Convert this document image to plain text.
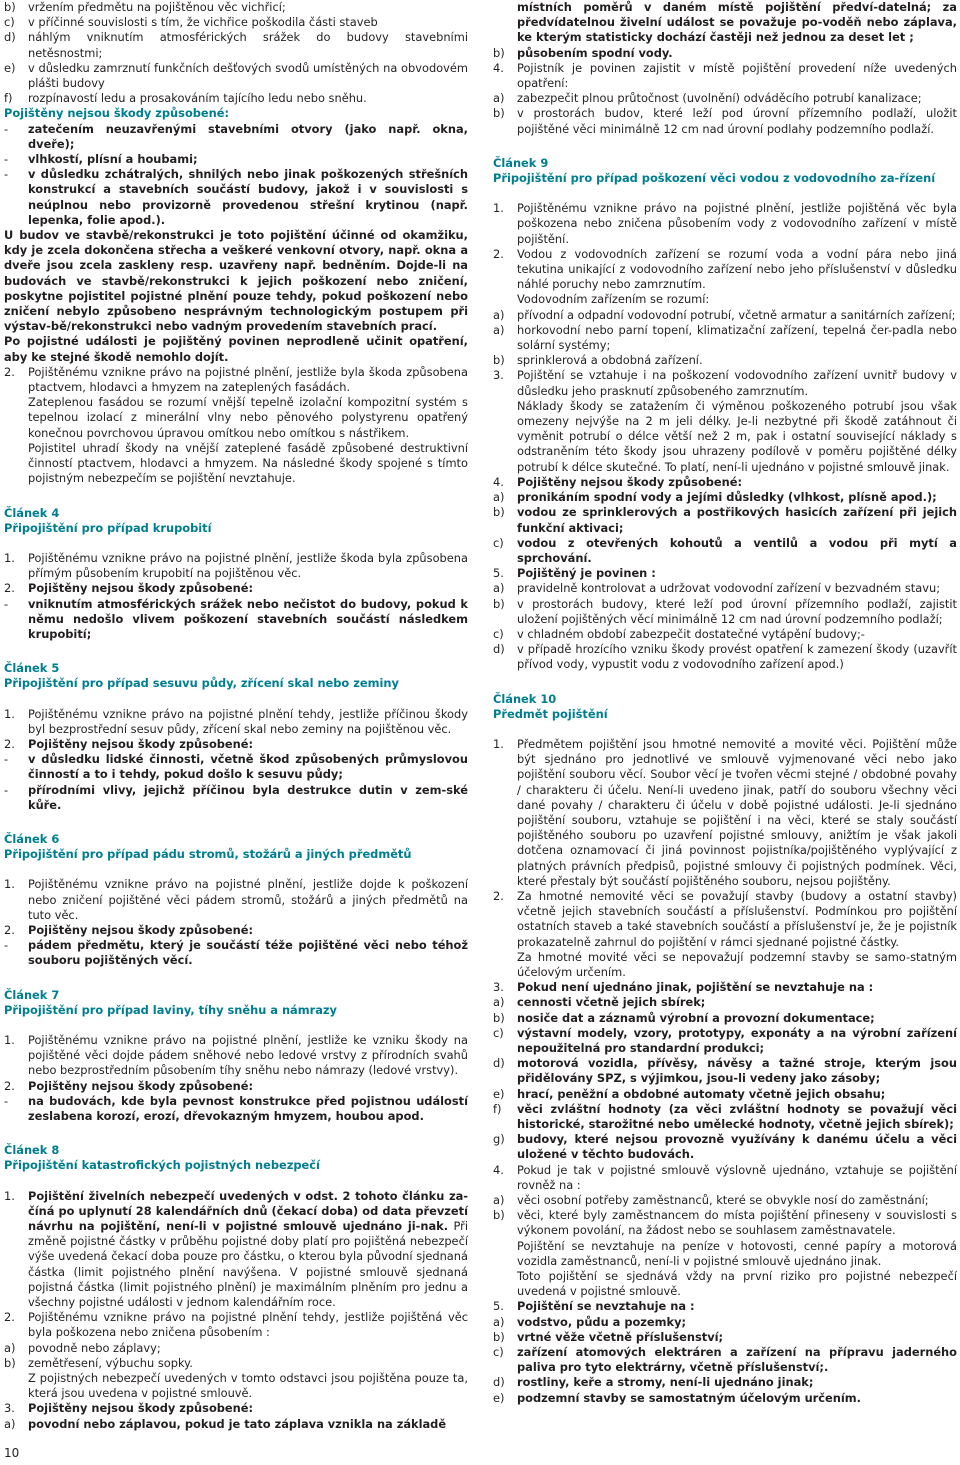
b) vržením předmětu na pojištěnou věc vichřicí;
c) v příčinné souvislosti s tím, že vichřice poškodila části staveb
d) náhlým vniknutím atmosférických srážek do budovy stavebními netěsnostmi;
e) v důsledku zamrznutí funkčních dešťových svodů umístěných na obvodovém plášti budovy
f) rozpínavostí ledu a prosakováním tajícího ledu nebo sněhu.
Pojištěny nejsou škody způsobené:
- zatečením neuzavřenými stavebními otvory (jako např. okna, dveře);
- vlhkostí, plísní a houbami;
- v důsledku zchátralých, shnilých nebo jinak poškozených střešních konstrukcí a stavebních součástí budovy, jakož i v souvislosti s neúplnou nebo provizorně provedenou střešní krytinou (např. lepenka, folie apod.).
U budov ve stavbě/rekonstrukci je toto pojištění účinné od okamžiku, kdy je zcela dokončena střecha a veškeré venkovní otvory, např. okna a dveře jsou zcela zaskleny resp. uzavřeny např. bedněním. Dojde-li na budovách ve stavbě/rekonstrukci k jejich poškození nebo zničení, poskytne pojistitel pojistné plnění pouze tehdy, pokud poškození nebo zničení nebylo způsobeno nesprávným technologickým postupem při výstav-bě/rekonstrukci nebo vadným provedením stavebních prací.
Po pojistné události je pojištěný povinen neprodleně učinit opatření, aby ke stejné škodě nemohlo dojít.
2. Pojištěnému vznikne právo na pojistné plnění, jestliže byla škoda způsobena ptactvem, hlodavci a hmyzem na zateplených fasádách.
Zateplenou fasádou se rozumí vnější tepelně izolační kompozitní systém s tepelnou izolací z minerální vlny nebo pěnového polystyrenu opatřený konečnou povrchovou úpravou omítkou nebo omítkou s nástřikem.
Pojistitel uhradí škody na vnější zateplené fasádě způsobené destruktivní činností ptactvem, hlodavci a hmyzem. Na následné škody spojené s tímto pojistným nebezpečím se pojištění nevztahuje.
Článek 4
Připojištění pro případ krupobití
1. Pojištěnému vznikne právo na pojistné plnění, jestliže škoda byla způsobena přímým působením krupobití na pojištěnou věc.
2. Pojištěny nejsou škody způsobené:
- vniknutím atmosférických srážek nebo nečistot do budovy, pokud k němu nedošlo vlivem poškození stavebních součástí následkem krupobití;
Článek 5
Připojištění pro případ sesuvu půdy, zřícení skal nebo zeminy
1. Pojištěnému vznikne právo na pojistné plnění tehdy, jestliže příčinou škody byl bezprostřední sesuv půdy, zřícení skal nebo zeminy na pojištěnou věc.
2. Pojištěny nejsou škody způsobené:
- v důsledku lidské činnosti, včetně škod způsobených průmyslovou činností a to i tehdy, pokud došlo k sesuvu půdy;
- přírodními vlivy, jejichž příčinou byla destrukce dutin v zem-ské kůře.
Článek 6
Připojištění pro případ pádu stromů, stožárů a jiných předmětů
1. Pojištěnému vznikne právo na pojistné plnění, jestliže dojde k poškození nebo zničení pojištěné věci pádem stromů, stožárů a jiných předmětů na tuto věc.
2. Pojištěny nejsou škody způsobené:
- pádem předmětu, který je součástí téže pojištěné věci nebo téhož souboru pojištěných věcí.
Článek 7
Připojištění pro případ laviny, tíhy sněhu a námrazy
1. Pojištěnému vznikne právo na pojistné plnění, jestliže ke vzniku škody na pojištěné věci dojde pádem sněhové nebo ledové vrstvy z přírodních svahů nebo bezprostředním působením tíhy sněhu nebo námrazy (ledové vrstvy).
2. Pojištěny nejsou škody způsobené:
- na budovách, kde byla pevnost konstrukce před pojistnou událostí zeslabena korozí, erozí, dřevokazným hmyzem, houbou apod.
Článek 8
Připojištění katastrofických pojistných nebezpečí
1. Pojištění živelních nebezpečí uvedených v odst. 2 tohoto článku za-číná po uplynutí 28 kalendářních dnů (čekací doba) od data převzetí návrhu na pojištění, není-li v pojistné smlouvě ujednáno ji-nak. Při změně pojistné částky v průběhu pojistné doby platí pro pojištěná nebezpečí výše uvedená čekací doba pouze pro částku, o kterou byla původní sjednaná částka (limit pojistného plnění navýšena. V pojistné smlouvě sjednaná pojistná částka (limit pojistného plnění) je maximálním plněním pro jednu a všechny pojistné události v jednom kalendářním roce.
2. Pojištěnému vznikne právo na pojistné plnění tehdy, jestliže pojištěná věc byla poškozena nebo zničena působením :
a) povodně nebo záplavy;
b) zemětřesení, výbuchu sopky.
Z pojistných nebezpečí uvedených v tomto odstavci jsou pojištěna pouze ta, která jsou uvedena v pojistné smlouvě.
3. Pojištěny nejsou škody způsobené:
a) povodní nebo záplavou, pokud je tato záplava vznikla na základě
místních poměrů v daném místě pojištění předví-datelná; za předvídatelnou živelní událost se považuje po-voděň nebo záplava, ke kterým statisticky dochází častěji než jednou za deset let ;
b) působením spodní vody.
4. Pojistník je povinen zajistit v místě pojištění provedení níže uvedených opatření:
a) zabezpečit plnou průtočnost (uvolnění) odváděcího potrubí kanalizace;
b) v prostorách budov, které leží pod úrovní přízemního podlaží, uložit pojištěné věci minimálně 12 cm nad úrovní podlahy podzemního podlaží.
Článek 9
Připojištění pro případ poškození věci vodou z vodovodního za-řízení
1. Pojištěnému vznikne právo na pojistné plnění, jestliže pojištěná věc byla poškozena nebo zničena působením vody z vodovodního zařízení v místě pojištění.
2. Vodou z vodovodních zařízení se rozumí voda a vodní pára nebo jiná tekutina unikající z vodovodního zařízení nebo jeho příslušenství v důsledku náhlé poruchy nebo zamrznutím.
Vodovodním zařízením se rozumí:
a) přívodní a odpadní vodovodní potrubí, včetně armatur a sanitárních zařízení;
a) horkovodní nebo parní topení, klimatizační zařízení, tepelná čer-padla nebo solární systémy;
b) sprinklerová a obdobná zařízení.
3. Pojištění se vztahuje i na poškození vodovodního zařízení uvnitř budovy v důsledku jeho prasknutí způsobeného zamrznutím.
Náklady škody se zatažením či výměnou poškozeného potrubí jsou však omezeny nejvýše na 2 m jeli délky. Je-li nezbytné při škodě zatáhnout či vyměnit potrubí o délce větší než 2 m, pak i ostatní související náklady s odstraněním této škody jsou uhrazeny podílově v poměru pojištěné délky potrubí k délce skutečné. To platí, není-li ujednáno v pojistné smlouvě jinak.
4. Pojištěny nejsou škody způsobené:
a) pronikáním spodní vody a jejími důsledky (vlhkost, plísně apod.);
b) vodou ze sprinklerových a postřikových hasicích zařízení při jejich funkční aktivaci;
c) vodou z otevřených kohoutů a ventilů a vodou při mytí a sprchování.
5. Pojištěný je povinen :
a) pravidelně kontrolovat a udržovat vodovodní zařízení v bezvadném stavu;
b) v prostorách budovy, které leží pod úrovní přízemního podlaží, zajistit uložení pojištěných věcí minimálně 12 cm nad úrovní podzemního podlaží;
c) v chladném období zabezpečit dostatečné vytápění budovy;-
d) v případě hrozícího vzniku škody provést opatření k zamezení škody (uzavřít přívod vody, vypustit vodu z vodovodního zařízení apod.)
Článek 10
Předmět pojištění
1. Předmětem pojištění jsou hmotné nemovité a movité věci. Pojištění může být sjednáno pro jednotlivé ve smlouvě vyjmenované věci nebo jako pojištění souboru věcí. Soubor věcí je tvořen věcmi stejné / obdobné povahy / charakteru či účelu. Není-li uvedeno jinak, patří do souboru všechny věci dané povahy / charakteru či účelu v době pojistné události. Je-li sjednáno pojištění souboru, vztahuje se pojištění i na věci, které se staly součástí pojištěného souboru po uzavření pojistné smlouvy, anižtím je však jakoli dotčena oznamovací či jiná povinnost pojistníka/pojištěného vyplývající z platných právních předpisů, pojistné smlouvy či pojistných podmínek. Věci, které přestaly být součástí pojištěného souboru, nejsou pojištěny.
2. Za hmotné nemovité věci se považují stavby (budovy a ostatní stavby) včetně jejich stavebních součástí a příslušenství. Podmínkou pro pojištění ostatních staveb a také stavebních součástí a příslušenství je, že je pojistník prokazatelně zahrnul do pojištění v rámci sjednané pojistné částky.
Za hmotné movité věci se nepovažují podzemní stavby se samo-statným účelovým určením.
3. Pokud není ujednáno jinak, pojištění se nevztahuje na :
a) cennosti včetně jejich sbírek;
b) nosiče dat a záznamů výrobní a provozní dokumentace;
c) výstavní modely, vzory, prototypy, exponáty a na výrobní zařízení nepoužitelná pro standardní produkci;
d) motorová vozidla, přívěsy, návěsy a tažné stroje, kterým jsou přidělovány SPZ, s výjimkou, jsou-li vedeny jako zásoby;
e) hrací, peněžní a obdobné automaty včetně jejich obsahu;
f) věci zvláštní hodnoty (za věci zvláštní hodnoty se považují věci historické, starožitné nebo umělecké hodnoty, včetně jejich sbírek);
g) budovy, které nejsou provozně využívány k danému účelu a věci uložené v těchto budovách.
4. Pokud je tak v pojistné smlouvě výslovně ujednáno, vztahuje se pojištění rovněž na :
a) věci osobní potřeby zaměstnanců, které se obvykle nosí do zaměstnání;
b) věci, které byly zaměstnancem do místa pojištění přineseny v souvislosti s výkonem povolání, na žádost nebo se souhlasem zaměstnavatele.
Pojištění se nevztahuje na peníze v hotovosti, cenné papíry a motorová vozidla zaměstnanců, není-li v pojistné smlouvě ujednáno jinak.
Toto pojištění se sjednává vždy na první riziko pro pojistné nebezpečí uvedená v pojistné smlouvě.
5. Pojištění se nevztahuje na :
a) vodstvo, půdu a pozemky;
b) vrtné věže včetně příslušenství;
c) zařízení atomových elektráren a zařízení na přípravu jaderného paliva pro tyto elektrárny, včetně příslušenství;.
d) rostliny, keře a stromy, není-li ujednáno jinak;
e) podzemní stavby se samostatným účelovým určením.
10
